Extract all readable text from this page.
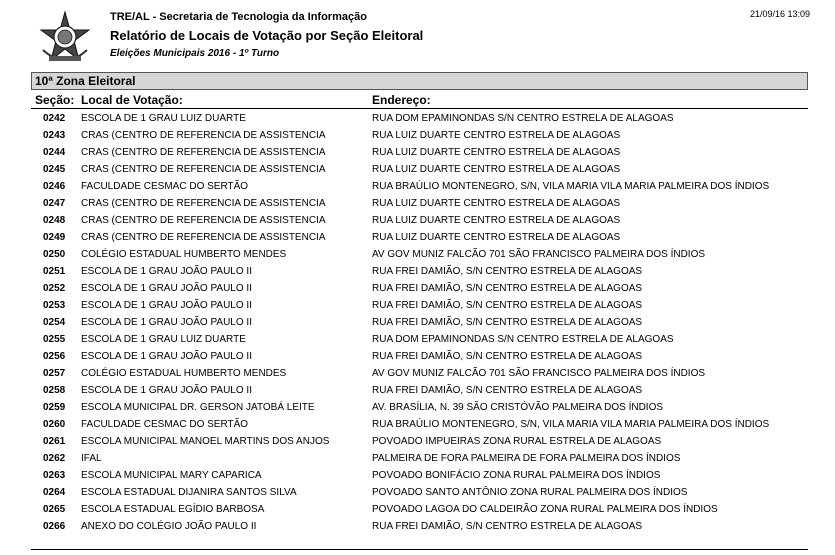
TRE/AL - Secretaria de Tecnologia da Informação
Relatório de Locais de Votação por Seção Eleitoral
Eleições Municipais 2016 - 1º Turno
21/09/16 13:09
10ª Zona Eleitoral
Seção: Local de Votação:	Endereço:
0242 ESCOLA DE 1 GRAU LUIZ DUARTE	RUA DOM EPAMINONDAS S/N CENTRO ESTRELA DE ALAGOAS
0243 CRAS (CENTRO DE REFERENCIA DE ASSISTENCIA	RUA LUIZ DUARTE CENTRO ESTRELA DE ALAGOAS
0244 CRAS (CENTRO DE REFERENCIA DE ASSISTENCIA	RUA LUIZ DUARTE CENTRO ESTRELA DE ALAGOAS
0245 CRAS (CENTRO DE REFERENCIA DE ASSISTENCIA	RUA LUIZ DUARTE CENTRO ESTRELA DE ALAGOAS
0246 FACULDADE CESMAC DO SERTÃO	RUA BRAÚLIO MONTENEGRO, S/N, VILA MARIA VILA MARIA PALMEIRA DOS ÍNDIOS
0247 CRAS (CENTRO DE REFERENCIA DE ASSISTENCIA	RUA LUIZ DUARTE CENTRO ESTRELA DE ALAGOAS
0248 CRAS (CENTRO DE REFERENCIA DE ASSISTENCIA	RUA LUIZ DUARTE CENTRO ESTRELA DE ALAGOAS
0249 CRAS (CENTRO DE REFERENCIA DE ASSISTENCIA	RUA LUIZ DUARTE CENTRO ESTRELA DE ALAGOAS
0250 COLÉGIO ESTADUAL HUMBERTO MENDES	AV GOV MUNIZ FALCÃO 701 SÃO FRANCISCO PALMEIRA DOS ÍNDIOS
0251 ESCOLA DE 1 GRAU JOÃO PAULO II	RUA FREI DAMIÃO, S/N CENTRO ESTRELA DE ALAGOAS
0252 ESCOLA DE 1 GRAU JOÃO PAULO II	RUA FREI DAMIÃO, S/N CENTRO ESTRELA DE ALAGOAS
0253 ESCOLA DE 1 GRAU JOÃO PAULO II	RUA FREI DAMIÃO, S/N CENTRO ESTRELA DE ALAGOAS
0254 ESCOLA DE 1 GRAU JOÃO PAULO II	RUA FREI DAMIÃO, S/N CENTRO ESTRELA DE ALAGOAS
0255 ESCOLA DE 1 GRAU LUIZ DUARTE	RUA DOM EPAMINONDAS S/N CENTRO ESTRELA DE ALAGOAS
0256 ESCOLA DE 1 GRAU JOÃO PAULO II	RUA FREI DAMIÃO, S/N CENTRO ESTRELA DE ALAGOAS
0257 COLÉGIO ESTADUAL HUMBERTO MENDES	AV GOV MUNIZ FALCÃO 701 SÃO FRANCISCO PALMEIRA DOS ÍNDIOS
0258 ESCOLA DE 1 GRAU JOÃO PAULO II	RUA FREI DAMIÃO, S/N CENTRO ESTRELA DE ALAGOAS
0259 ESCOLA MUNICIPAL DR. GERSON JATOBÁ LEITE	AV. BRASÍLIA, N. 39 SÃO CRISTÓVÃO PALMEIRA DOS ÍNDIOS
0260 FACULDADE CESMAC DO SERTÃO	RUA BRAÚLIO MONTENEGRO, S/N, VILA MARIA VILA MARIA PALMEIRA DOS ÍNDIOS
0261 ESCOLA MUNICIPAL MANOEL MARTINS DOS ANJOS	POVOADO IMPUEIRAS ZONA RURAL ESTRELA DE ALAGOAS
0262 IFAL	PALMEIRA DE FORA PALMEIRA DE FORA PALMEIRA DOS ÍNDIOS
0263 ESCOLA MUNICIPAL MARY CAPARICA	POVOADO BONIFÁCIO ZONA RURAL PALMEIRA DOS ÍNDIOS
0264 ESCOLA ESTADUAL DIJANIRA SANTOS SILVA	POVOADO SANTO ANTÔNIO ZONA RURAL PALMEIRA DOS ÍNDIOS
0265 ESCOLA ESTADUAL EGÍDIO BARBOSA	POVOADO LAGOA DO CALDEIRÃO ZONA RURAL PALMEIRA DOS ÍNDIOS
0266 ANEXO DO COLÉGIO JOÃO PAULO II	RUA FREI DAMIÃO, S/N CENTRO ESTRELA DE ALAGOAS
